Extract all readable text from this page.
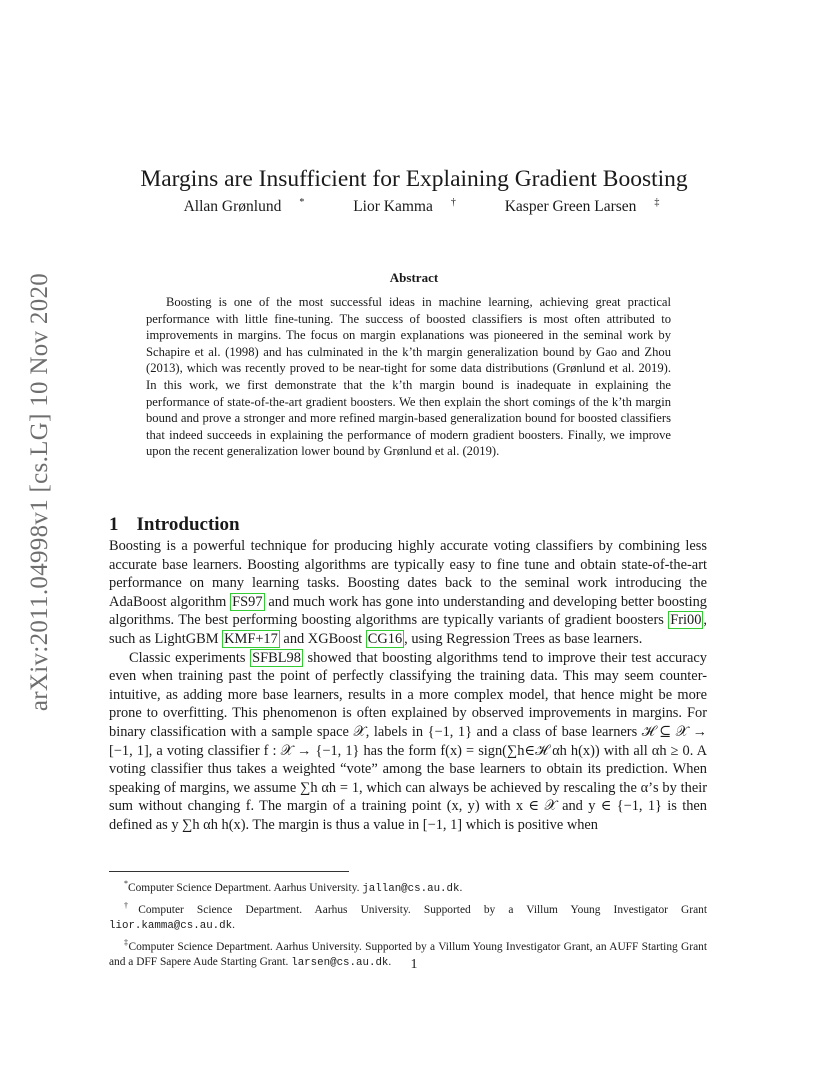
arXiv:2011.04998v1 [cs.LG] 10 Nov 2020
Margins are Insufficient for Explaining Gradient Boosting
Allan Grønlund *	Lior Kamma †	Kasper Green Larsen ‡
Abstract

Boosting is one of the most successful ideas in machine learning, achieving great practical performance with little fine-tuning. The success of boosted classifiers is most often attributed to improvements in margins. The focus on margin explanations was pioneered in the seminal work by Schapire et al. (1998) and has culminated in the k’th margin generalization bound by Gao and Zhou (2013), which was recently proved to be near-tight for some data distributions (Grønlund et al. 2019). In this work, we first demonstrate that the k’th margin bound is inadequate in explaining the performance of state-of-the-art gradient boosters. We then explain the short comings of the k’th margin bound and prove a stronger and more refined margin-based generalization bound for boosted classifiers that indeed succeeds in explaining the performance of modern gradient boosters. Finally, we improve upon the recent generalization lower bound by Grønlund et al. (2019).

1 Introduction

Boosting is a powerful technique for producing highly accurate voting classifiers by combining less accurate base learners. Boosting algorithms are typically easy to fine tune and obtain state-of-the-art performance on many learning tasks. Boosting dates back to the seminal work introducing the AdaBoost algorithm FS97 and much work has gone into understanding and developing better boosting algorithms. The best performing boosting algorithms are typically variants of gradient boosters Fri00 , such as LightGBM KMF+17 and XGBoost CG16 , using Regression Trees as base learners.

Classic experiments SFBL98 showed that boosting algorithms tend to improve their test accuracy even when training past the point of perfectly classifying the training data. This may seem counter-intuitive, as adding more base learners, results in a more complex model, that hence might be more prone to overfitting. This phenomenon is often explained by observed improvements in margins. For binary classification with a sample space 𝒳, labels in {−1, 1} and a class of base learners ℋ ⊆ 𝒳 → [−1, 1], a voting classifier f : 𝒳 → {−1, 1} has the form f(x) = sign(∑h∈ℋ αh h(x)) with all αh ≥ 0. A voting classifier thus takes a weighted “vote” among the base learners to obtain its prediction. When speaking of margins, we assume ∑h αh = 1, which can always be achieved by rescaling the α’s by their sum without changing f. The margin of a training point (x, y) with x ∈ 𝒳 and y ∈ {−1, 1} is then defined as y ∑h αh h(x). The margin is thus a value in [−1, 1] which is positive when

*Computer Science Department. Aarhus University. jallan@cs.au.dk.

†Computer Science Department. Aarhus University. Supported by a Villum Young Investigator Grant lior.kamma@cs.au.dk.

‡Computer Science Department. Aarhus University. Supported by a Villum Young Investigator Grant, an AUFF Starting Grant and a DFF Sapere Aude Starting Grant. larsen@cs.au.dk.	1
